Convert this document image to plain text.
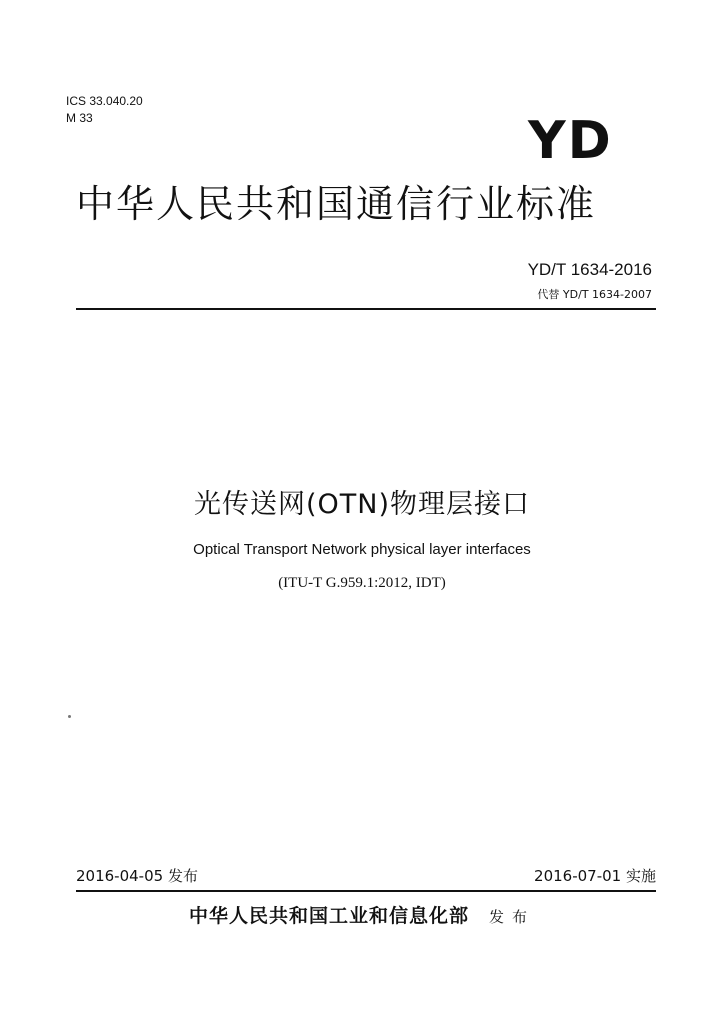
ICS 33.040.20
M 33	YD
中华人民共和国通信行业标准
YD/T 1634-2016
代替 YD/T 1634-2007
光传送网(OTN)物理层接口
Optical Transport Network physical layer interfaces
(ITU-T G.959.1:2012, IDT)
2016-04-05 发布	2016-07-01 实施
中华人民共和国工业和信息化部 发布
